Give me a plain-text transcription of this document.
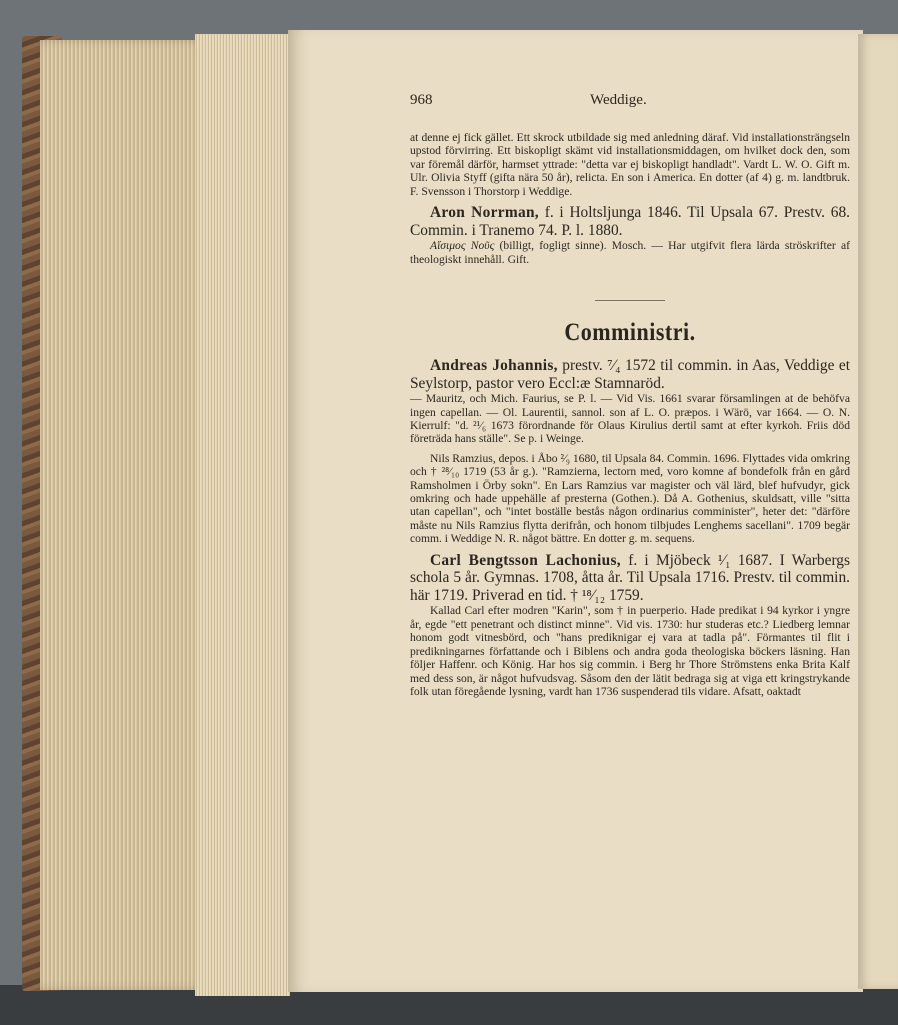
968	Weddige.

at denne ej fick gället. Ett skrock utbildade sig med anledning däraf. Vid installationsträngseln upstod förvirring. Ett biskopligt skämt vid installationsmiddagen, om hvilket dock den, som var föremål därför, harmset yttrade: "detta var ej biskopligt handladt". Vardt L. W. O. Gift m. Ulr. Olivia Styff (gifta nära 50 år), relicta. En son i America. En dotter (af 4) g. m. landtbruk. F. Svensson i Thorstorp i Weddige.

Aron Norrman, f. i Holtsljunga 1846. Til Upsala 67. Prestv. 68. Commin. i Tranemo 74. P. l. 1880.

Αἴσιμος Νοῦς (billigt, fogligt sinne). Mosch. — Har utgifvit flera lärda ströskrifter af theologiskt innehåll. Gift.

Comministri.

Andreas Johannis, prestv. ⁷⁄₄ 1572 til commin. in Aas, Veddige et Seylstorp, pastor vero Eccl:æ Stamnaröd.

— Mauritz, och Mich. Faurius, se P. l. — Vid Vis. 1661 svarar församlingen at de behöfva ingen capellan. — Ol. Laurentii, sannol. son af L. O. præpos. i Wärö, var 1664. — O. N. Kierrulf: "d. ²¹⁄₆ 1673 förordnande för Olaus Kirulius dertil samt at efter kyrkoh. Friis död företräda hans ställe". Se p. i Weinge.

Nils Ramzius, depos. i Åbo ²⁄₉ 1680, til Upsala 84. Commin. 1696. Flyttades vida omkring och † ²⁸⁄₁₀ 1719 (53 år g.). "Ramzierna, lectorn med, voro komne af bondefolk från en gård Ramsholmen i Örby sokn". En Lars Ramzius var magister och väl lärd, blef hufvudyr, gick omkring och hade uppehälle af presterna (Gothen.). Då A. Gothenius, skuldsatt, ville "sitta utan capellan", och "intet boställe bestås någon ordinarius comminister", heter det: "därföre måste nu Nils Ramzius flytta derifrån, och honom tilbjudes Lenghems sacellani". 1709 begär comm. i Weddige N. R. något bättre. En dotter g. m. sequens.

Carl Bengtsson Lachonius, f. i Mjöbeck ¹⁄₁ 1687. I Warbergs schola 5 år. Gymnas. 1708, åtta år. Til Upsala 1716. Prestv. til commin. här 1719. Priverad en tid. † ¹⁸⁄₁₂ 1759.

Kallad Carl efter modren "Karin", som † in puerperio. Hade predikat i 94 kyrkor i yngre år, egde "ett penetrant och distinct minne". Vid vis. 1730: hur studeras etc.? Liedberg lemnar honom godt vitnesbörd, och "hans prediknigar ej vara at tadla på". Förmantes til flit i predikningarnes författande och i Biblens och andra goda theologiska böckers läsning. Han följer Haffenr. och König. Har hos sig commin. i Berg hr Thore Strömstens enka Brita Kalf med dess son, är något hufvudsvag. Såsom den der lätit bedraga sig at viga ett kringstrykande folk utan föregående lysning, vardt han 1736 suspenderad tils vidare. Afsatt, oaktadt
